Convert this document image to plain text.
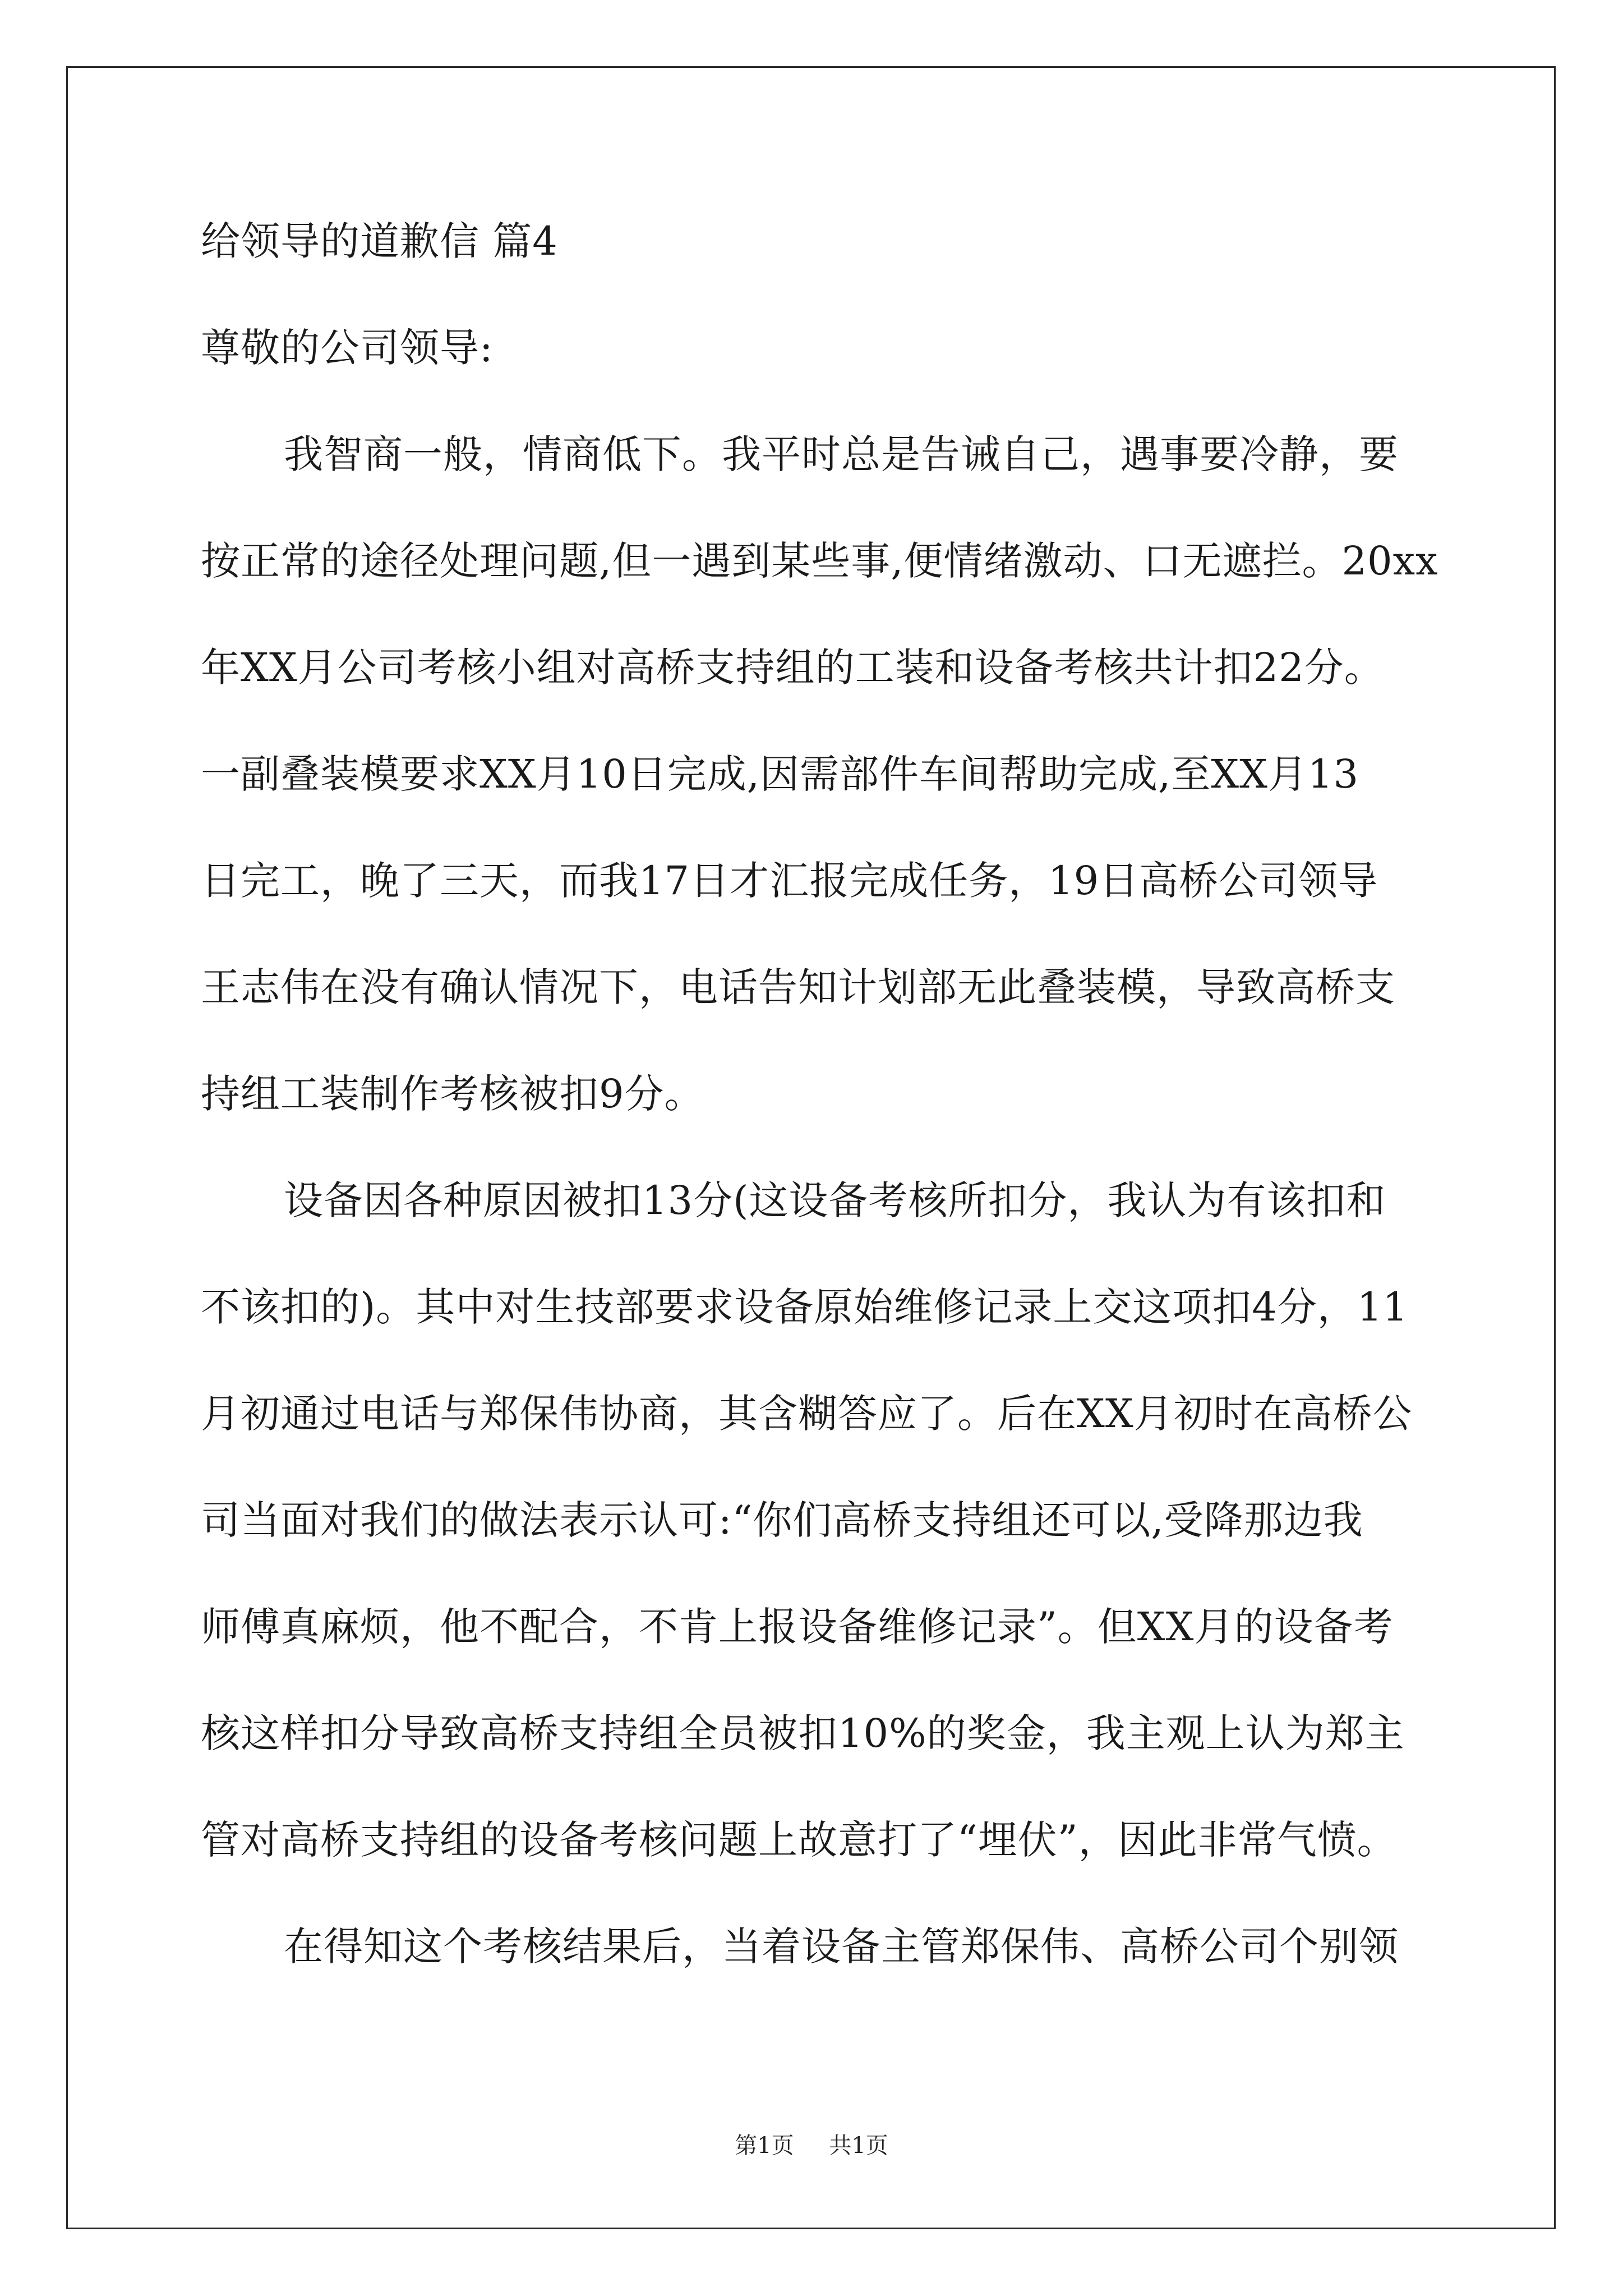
给领导的道歉信 篇4
尊敬的公司领导:
我智商一般，情商低下。我平时总是告诫自己，遇事要冷静，要
按正常的途径处理问题,但一遇到某些事,便情绪激动、口无遮拦。20xx
年XX月公司考核小组对高桥支持组的工装和设备考核共计扣22分。
一副叠装模要求XX月10日完成,因需部件车间帮助完成,至XX月13
日完工，晚了三天，而我17日才汇报完成任务，19日高桥公司领导
王志伟在没有确认情况下，电话告知计划部无此叠装模，导致高桥支
持组工装制作考核被扣9分。
设备因各种原因被扣13分(这设备考核所扣分，我认为有该扣和
不该扣的)。其中对生技部要求设备原始维修记录上交这项扣4分，11
月初通过电话与郑保伟协商，其含糊答应了。后在XX月初时在高桥公
司当面对我们的做法表示认可:“你们高桥支持组还可以,受降那边我
师傅真麻烦，他不配合，不肯上报设备维修记录”。但XX月的设备考
核这样扣分导致高桥支持组全员被扣10%的奖金，我主观上认为郑主
管对高桥支持组的设备考核问题上故意打了“埋伏”，因此非常气愤。
在得知这个考核结果后，当着设备主管郑保伟、高桥公司个别领
第1页 共1页
